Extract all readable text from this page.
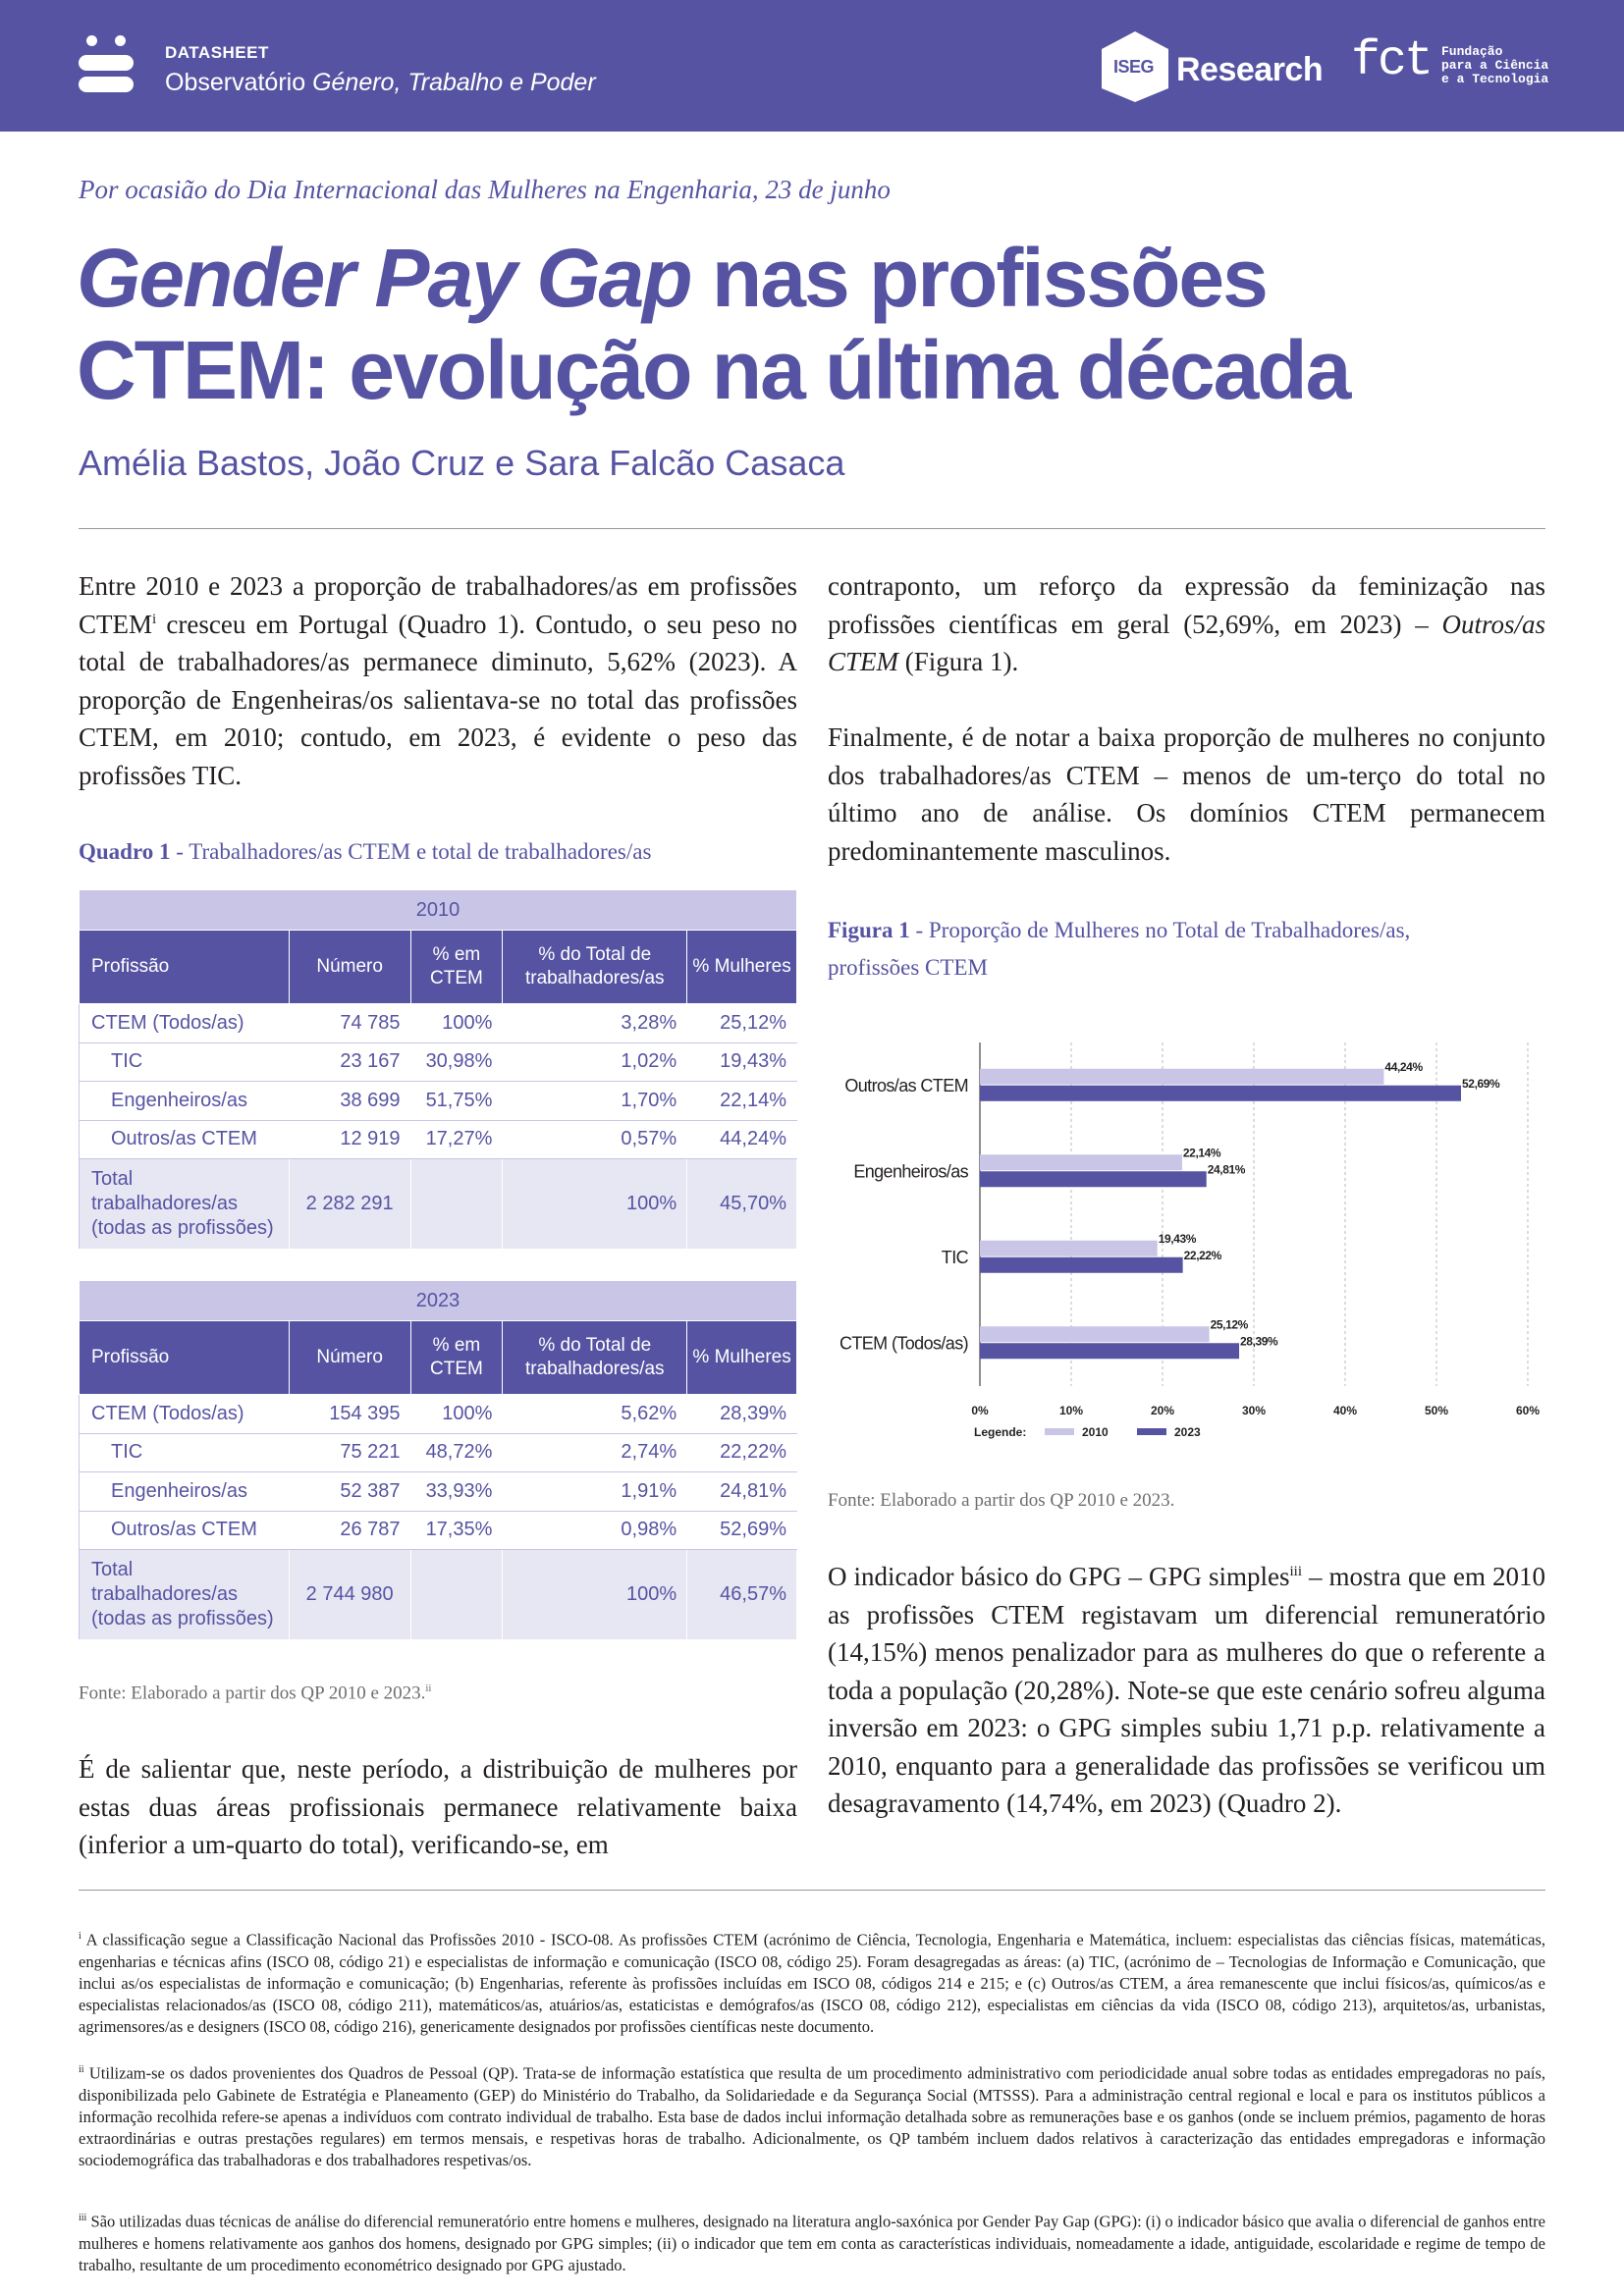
DATASHEET
Observatório Género, Trabalho e Poder
ISEG Research fct Fundação
para a Ciência
e a Tecnologia
Por ocasião do Dia Internacional das Mulheres na Engenharia, 23 de junho
Gender Pay Gap nas profissões
CTEM: evolução na última década
Amélia Bastos, João Cruz e Sara Falcão Casaca

Entre 2010 e 2023 a proporção de trabalhadores/as em profissões CTEM$^i$ cresceu em Portugal (Quadro 1). Contudo, o seu peso no total de trabalhadores/as permanece diminuto, 5,62% (2023). A proporção de Engenheiras/os salientava-se no total das profissões CTEM, em 2010; contudo, em 2023, é evidente o peso das profissões TIC.

Quadro 1 - Trabalhadores/as CTEM e total de trabalhadores/as
2010				
Profissão	Número	% em CTEM	% do Total de trabalhadores/as	% Mulheres
CTEM (Todos/as)	74 785	100%	3,28%	25,12%
TIC	23 167	30,98%	1,02%	19,43%
Engenheiros/as	38 699	51,75%	1,70%	22,14%
Outros/as CTEM	12 919	17,27%	0,57%	44,24%
Total trabalhadores/as (todas as profissões)	2 282 291		100%	45,70%
2023				
Profissão	Número	% em CTEM	% do Total de trabalhadores/as	% Mulheres
CTEM (Todos/as)	154 395	100%	5,62%	28,39%
TIC	75 221	48,72%	2,74%	22,22%
Engenheiros/as	52 387	33,93%	1,91%	24,81%
Outros/as CTEM	26 787	17,35%	0,98%	52,69%
Total trabalhadores/as (todas as profissões)	2 744 980		100%	46,57%
Fonte: Elaborado a partir dos QP 2010 e 2023.$^{ii}$

É de salientar que, neste período, a distribuição de mulheres por estas duas áreas profissionais permanece relativamente baixa (inferior a um-quarto do total), verificando-se, em

contraponto, um reforço da expressão da feminização nas profissões científicas em geral (52,69%, em 2023) – Outros/as CTEM (Figura 1).

Finalmente, é de notar a baixa proporção de mulheres no conjunto dos trabalhadores/as CTEM – menos de um-terço do total no último ano de análise. Os domínios CTEM permanecem predominantemente masculinos.

Figura 1 - Proporção de Mulheres no Total de Trabalhadores/as,
profissões CTEM
0%	10%	20%	30%	40%	50%	60%
Outros/as CTEM
44,24%
52,69%
Engenheiros/as
22,14%
24,81%
TIC
19,43%
22,22%
CTEM (Todos/as)
25,12%
28,39%
Legende:	2010	2023
Fonte: Elaborado a partir dos QP 2010 e 2023.

O indicador básico do GPG – GPG simples$^{iii}$ – mostra que em 2010 as profissões CTEM registavam um diferencial remuneratório (14,15%) menos penalizador para as mulheres do que o referente a toda a população (20,28%). Note-se que este cenário sofreu alguma inversão em 2023: o GPG simples subiu 1,71 p.p. relativamente a 2010, enquanto para a generalidade das profissões se verificou um desagravamento (14,74%, em 2023) (Quadro 2).

$^i$ A classificação segue a Classificação Nacional das Profissões 2010 - ISCO-08. As profissões CTEM (acrónimo de Ciência, Tecnologia, Engenharia e Matemática, incluem: especialistas das ciências físicas, matemáticas, engenharias e técnicas afins (ISCO 08, código 21) e especialistas de informação e comunicação (ISCO 08, código 25). Foram desagregadas as áreas: (a) TIC, (acrónimo de – Tecnologias de Informação e Comunicação, que inclui as/os especialistas de informação e comunicação; (b) Engenharias, referente às profissões incluídas em ISCO 08, códigos 214 e 215; e (c) Outros/as CTEM, a área remanescente que inclui físicos/as, químicos/as e especialistas relacionados/as (ISCO 08, código 211), matemáticos/as, atuários/as, estaticistas e demógrafos/as (ISCO 08, código 212), especialistas em ciências da vida (ISCO 08, código 213), arquitetos/as, urbanistas, agrimensores/as e designers (ISCO 08, código 216), genericamente designados por profissões científicas neste documento.

$^{ii}$ Utilizam-se os dados provenientes dos Quadros de Pessoal (QP). Trata-se de informação estatística que resulta de um procedimento administrativo com periodicidade anual sobre todas as entidades empregadoras no país, disponibilizada pelo Gabinete de Estratégia e Planeamento (GEP) do Ministério do Trabalho, da Solidariedade e da Segurança Social (MTSSS). Para a administração central regional e local e para os institutos públicos a informação recolhida refere-se apenas a indivíduos com contrato individual de trabalho. Esta base de dados inclui informação detalhada sobre as remunerações base e os ganhos (onde se incluem prémios, pagamento de horas extraordinárias e outras prestações regulares) em termos mensais, e respetivas horas de trabalho. Adicionalmente, os QP também incluem dados relativos à caracterização das entidades empregadoras e informação sociodemográfica das trabalhadoras e dos trabalhadores respetivas/os.

$^{iii}$ São utilizadas duas técnicas de análise do diferencial remuneratório entre homens e mulheres, designado na literatura anglo-saxónica por Gender Pay Gap (GPG): (i) o indicador básico que avalia o diferencial de ganhos entre mulheres e homens relativamente aos ganhos dos homens, designado por GPG simples; (ii) o indicador que tem em conta as características individuais, nomeadamente a idade, antiguidade, escolaridade e regime de tempo de trabalho, resultante de um procedimento econométrico designado por GPG ajustado.
